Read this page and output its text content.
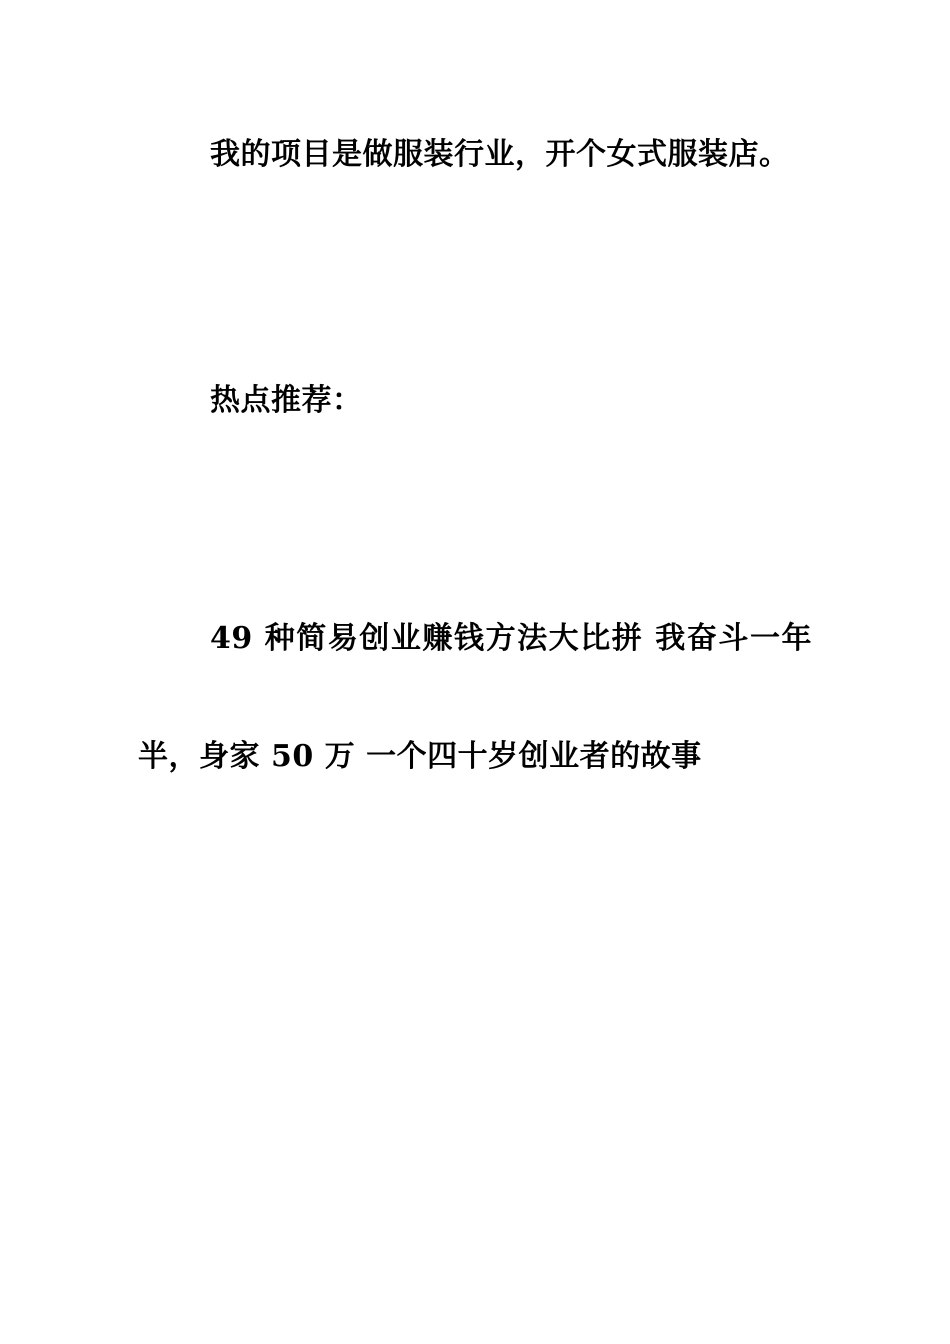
我的项目是做服装行业，开个女式服装店。

热点推荐：

49 种简易创业赚钱方法大比拼 我奋斗一年半，身家 50 万 一个四十岁创业者的故事
